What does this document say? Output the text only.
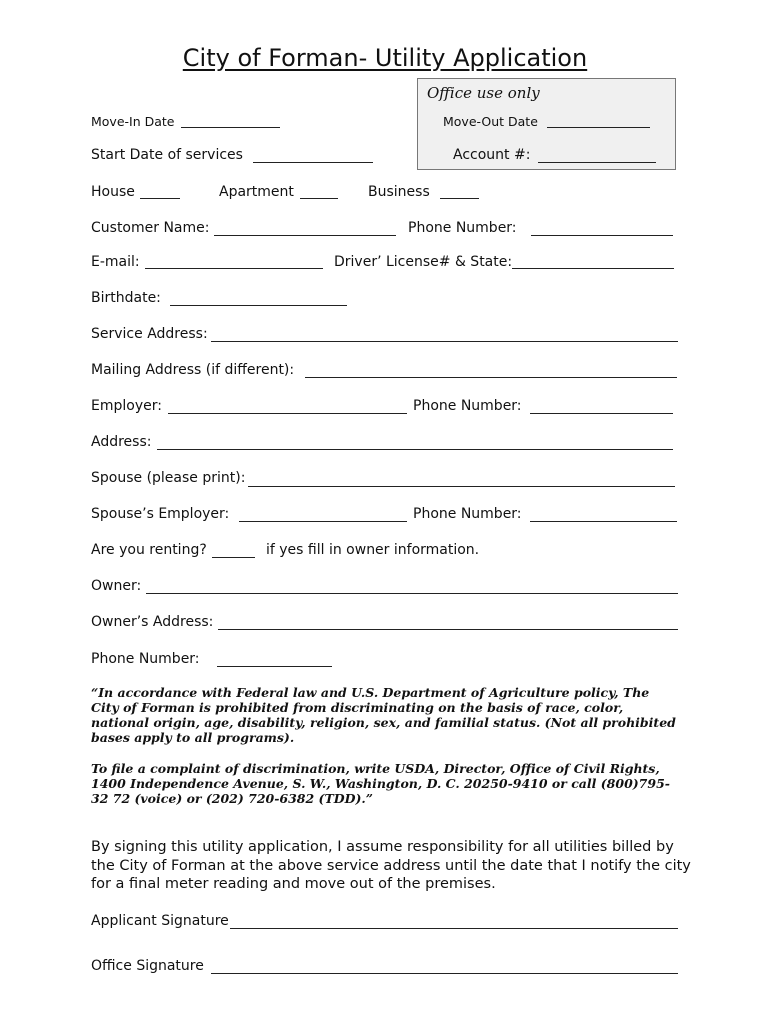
City of Forman- Utility Application
Office use only
Move-Out Date
Account #:
Move-In Date
Start Date of services
House	Apartment	Business
Customer Name:	Phone Number:
E-mail:	Driver’ License# & State:
Birthdate:
Service Address:
Mailing Address (if different):
Employer:	Phone Number:
Address:
Spouse (please print):
Spouse’s Employer:	Phone Number:
Are you renting?	if yes fill in owner information.
Owner:
Owner’s Address:
Phone Number:
“In accordance with Federal law and U.S. Department of Agriculture policy, The City of Forman is prohibited from discriminating on the basis of race, color, national origin, age, disability, religion, sex, and familial status. (Not all prohibited bases apply to all programs).
To file a complaint of discrimination, write USDA, Director, Office of Civil Rights, 1400 Independence Avenue, S. W., Washington, D. C. 20250-9410 or call (800)795-32 72 (voice) or (202) 720-6382 (TDD).”
By signing this utility application, I assume responsibility for all utilities billed by the City of Forman at the above service address until the date that I notify the city for a final meter reading and move out of the premises.
Applicant Signature
Office Signature
